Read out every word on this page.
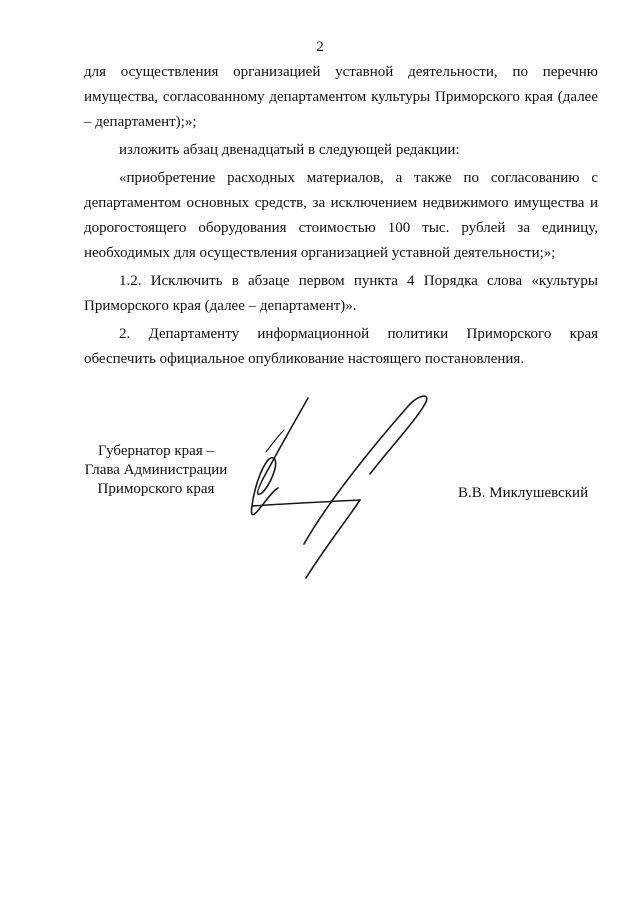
2

для осуществления организацией уставной деятельности, по перечню имущества, согласованному департаментом культуры Приморского края (далее – департамент);»;

изложить абзац двенадцатый в следующей редакции:

«приобретение расходных материалов, а также по согласованию с департаментом основных средств, за исключением недвижимого имущества и дорогостоящего оборудования стоимостью 100 тыс. рублей за единицу, необходимых для осуществления организацией уставной деятельности;»;

1.2. Исключить в абзаце первом пункта 4 Порядка слова «культуры Приморского края (далее – департамент)».

2. Департаменту информационной политики Приморского края обеспечить официальное опубликование настоящего постановления.

Губернатор края –
Глава Администрации
Приморского края	В.В. Миклушевский
